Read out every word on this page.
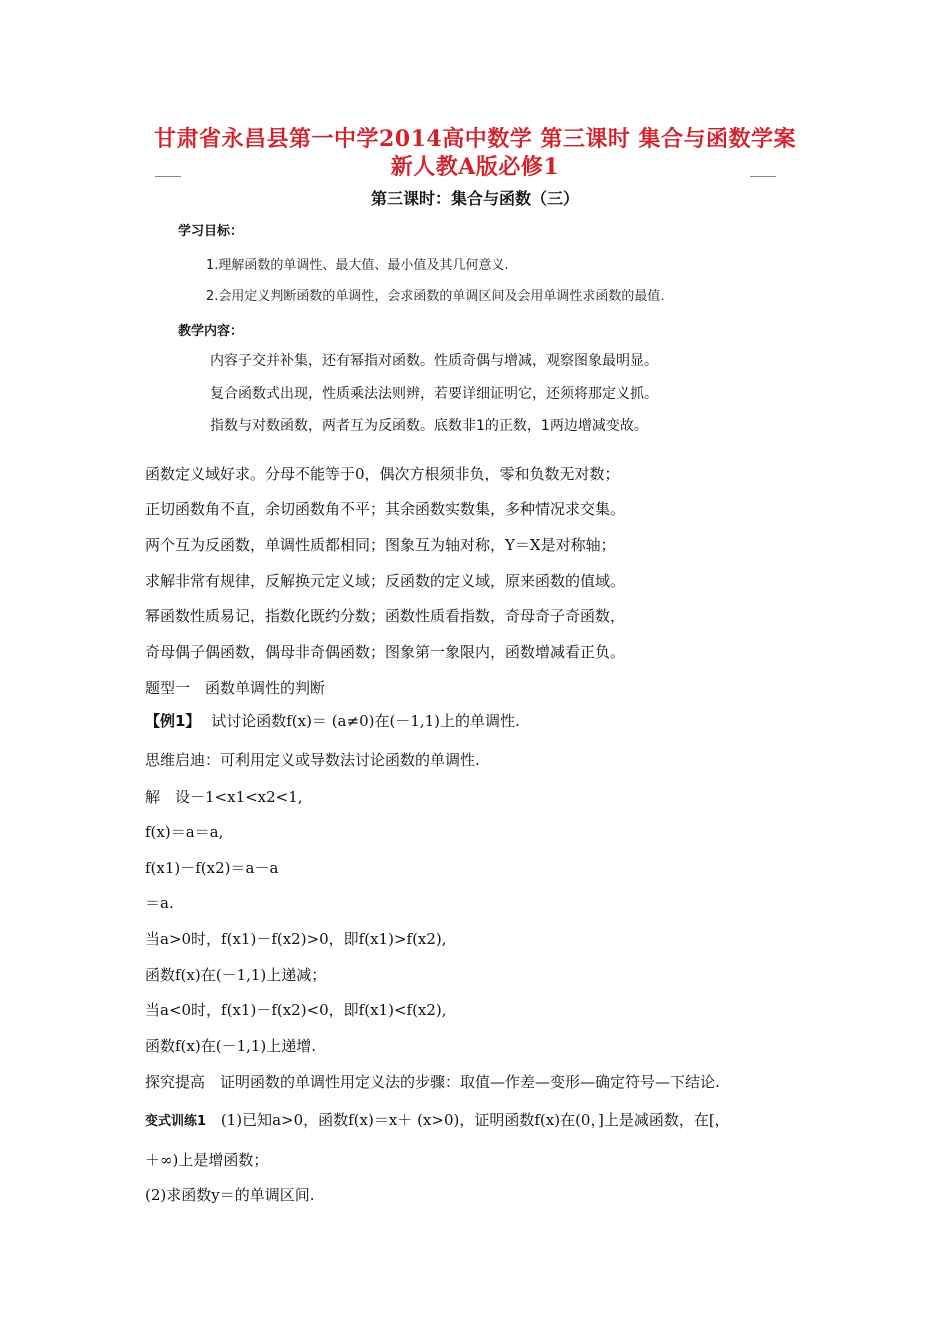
甘肃省永昌县第一中学2014高中数学 第三课时 集合与函数学案
新人教A版必修1
第三课时：集合与函数（三）
学习目标：
1.理解函数的单调性、最大值、最小值及其几何意义.
2.会用定义判断函数的单调性，会求函数的单调区间及会用单调性求函数的最值.
教学内容：
内容子交并补集，还有幂指对函数。性质奇偶与增减，观察图象最明显。
复合函数式出现，性质乘法法则辨，若要详细证明它，还须将那定义抓。
指数与对数函数，两者互为反函数。底数非1的正数，1两边增减变故。
函数定义域好求。分母不能等于0，偶次方根须非负，零和负数无对数；
正切函数角不直，余切函数角不平；其余函数实数集，多种情况求交集。
两个互为反函数，单调性质都相同；图象互为轴对称，Y＝X是对称轴；
求解非常有规律，反解换元定义域；反函数的定义域，原来函数的值域。
幂函数性质易记，指数化既约分数；函数性质看指数，奇母奇子奇函数，
奇母偶子偶函数，偶母非奇偶函数；图象第一象限内，函数增减看正负。
题型一　函数单调性的判断
【例1】 试讨论函数f(x)＝ (a≠0)在(－1,1)上的单调性.
思维启迪：可利用定义或导数法讨论函数的单调性.
解　设－1<x1<x2<1,
f(x)＝a＝a,
f(x1)－f(x2)＝a－a
＝a.
当a>0时，f(x1)－f(x2)>0，即f(x1)>f(x2),
函数f(x)在(－1,1)上递减；
当a<0时，f(x1)－f(x2)<0，即f(x1)<f(x2),
函数f(x)在(－1,1)上递增.
探究提高　证明函数的单调性用定义法的步骤：取值—作差—变形—确定符号—下结论.
变式训练1 (1)已知a>0，函数f(x)＝x＋ (x>0)，证明函数f(x)在(0，]上是减函数，在[，
＋∞)上是增函数；
(2)求函数y＝的单调区间.
